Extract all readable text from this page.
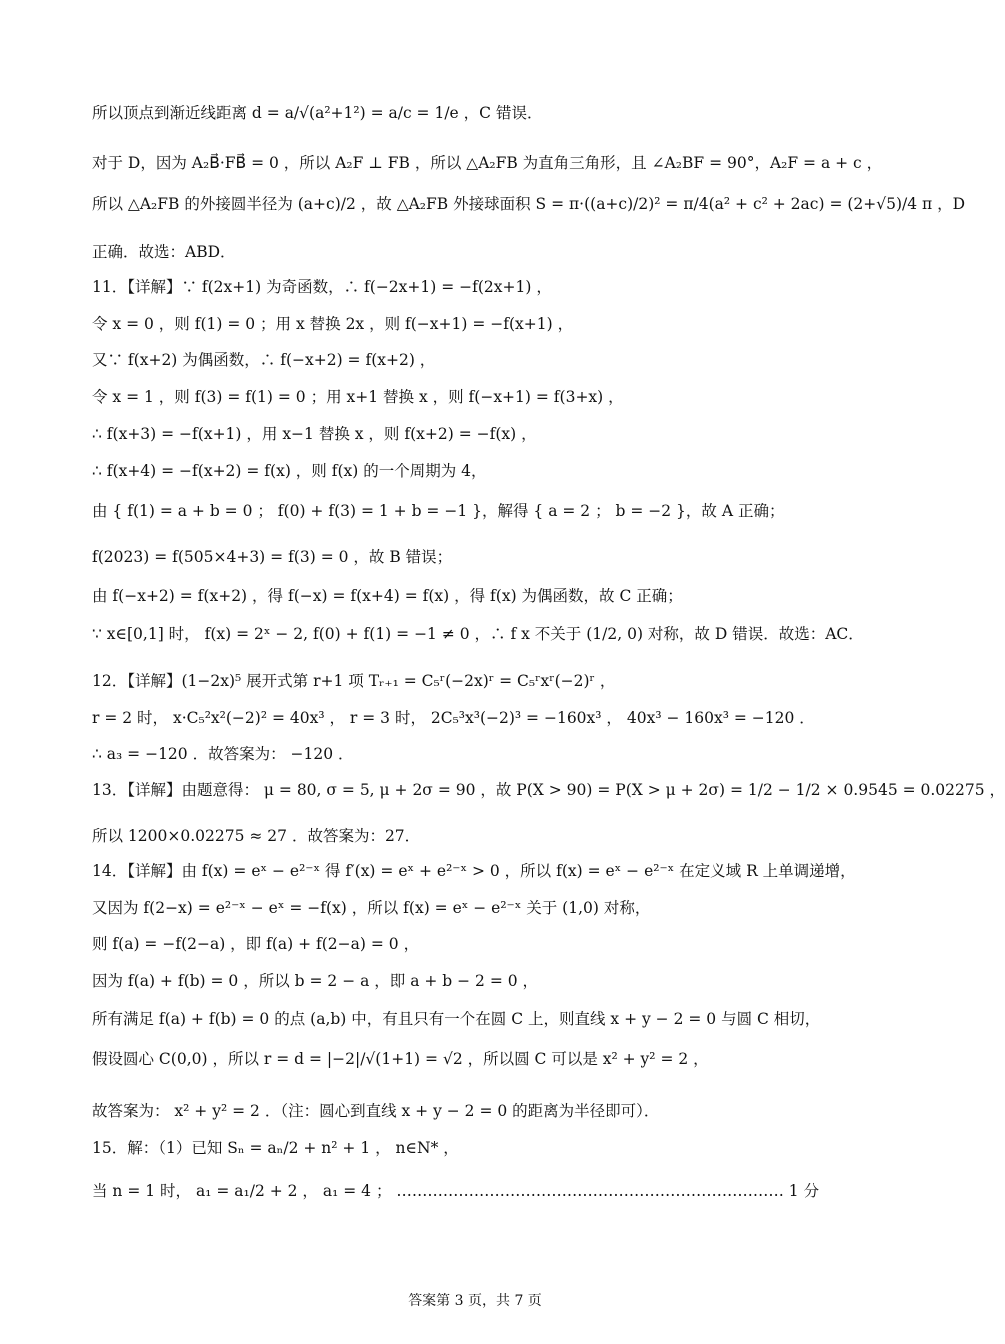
所以顶点到渐近线距离 d = a/√(a²+1²) = a/c = 1/e ，C 错误．
对于 D，因为 A₂B⃗·FB⃗ = 0 ，所以 A₂F ⊥ FB ，所以 △A₂FB 为直角三角形，且 ∠A₂BF = 90°，A₂F = a + c ，
所以 △A₂FB 的外接圆半径为 (a+c)/2 ，故 △A₂FB 外接球面积 S = π·((a+c)/2)² = π/4(a² + c² + 2ac) = (2+√5)/4 π ，D
正确．故选：ABD．
11．【详解】∵ f(2x+1) 为奇函数，∴ f(−2x+1) = −f(2x+1) ，
令 x = 0 ，则 f(1) = 0 ；用 x 替换 2x ，则 f(−x+1) = −f(x+1) ，
又∵ f(x+2) 为偶函数，∴ f(−x+2) = f(x+2) ，
令 x = 1 ，则 f(3) = f(1) = 0 ；用 x+1 替换 x ，则 f(−x+1) = f(3+x) ，
∴ f(x+3) = −f(x+1) ，用 x−1 替换 x ，则 f(x+2) = −f(x) ，
∴ f(x+4) = −f(x+2) = f(x) ，则 f(x) 的一个周期为 4，
由 { f(1) = a + b = 0 ； f(0) + f(3) = 1 + b = −1 }，解得 { a = 2 ； b = −2 }，故 A 正确；
f(2023) = f(505×4+3) = f(3) = 0 ，故 B 错误；
由 f(−x+2) = f(x+2) ，得 f(−x) = f(x+4) = f(x) ，得 f(x) 为偶函数，故 C 正确；
∵ x∈[0,1] 时， f(x) = 2ˣ − 2, f(0) + f(1) = −1 ≠ 0 ，∴ f x 不关于 (1/2, 0) 对称，故 D 错误．故选：AC．
12．【详解】(1−2x)⁵ 展开式第 r+1 项 Tᵣ₊₁ = C₅ʳ(−2x)ʳ = C₅ʳxʳ(−2)ʳ ，
r = 2 时， x·C₅²x²(−2)² = 40x³ ， r = 3 时， 2C₅³x³(−2)³ = −160x³ ， 40x³ − 160x³ = −120 ．
∴ a₃ = −120 ．故答案为： −120 ．
13．【详解】由题意得： μ = 80, σ = 5, μ + 2σ = 90 ，故 P(X > 90) = P(X > μ + 2σ) = 1/2 − 1/2 × 0.9545 = 0.02275 ，
所以 1200×0.02275 ≈ 27 ．故答案为：27．
14．【详解】由 f(x) = eˣ − e²⁻ˣ 得 f′(x) = eˣ + e²⁻ˣ > 0 ，所以 f(x) = eˣ − e²⁻ˣ 在定义域 R 上单调递增，
又因为 f(2−x) = e²⁻ˣ − eˣ = −f(x) ，所以 f(x) = eˣ − e²⁻ˣ 关于 (1,0) 对称，
则 f(a) = −f(2−a) ，即 f(a) + f(2−a) = 0 ，
因为 f(a) + f(b) = 0 ，所以 b = 2 − a ，即 a + b − 2 = 0 ，
所有满足 f(a) + f(b) = 0 的点 (a,b) 中，有且只有一个在圆 C 上，则直线 x + y − 2 = 0 与圆 C 相切，
假设圆心 C(0,0) ，所以 r = d = |−2|/√(1+1) = √2 ，所以圆 C 可以是 x² + y² = 2 ，
故答案为： x² + y² = 2 ．（注：圆心到直线 x + y − 2 = 0 的距离为半径即可）．
15．解：（1）已知 Sₙ = aₙ/2 + n² + 1 ， n∈N* ，
当 n = 1 时， a₁ = a₁/2 + 2 ， a₁ = 4 ； ………………………………………………………………… 1 分
答案第 3 页，共 7 页
